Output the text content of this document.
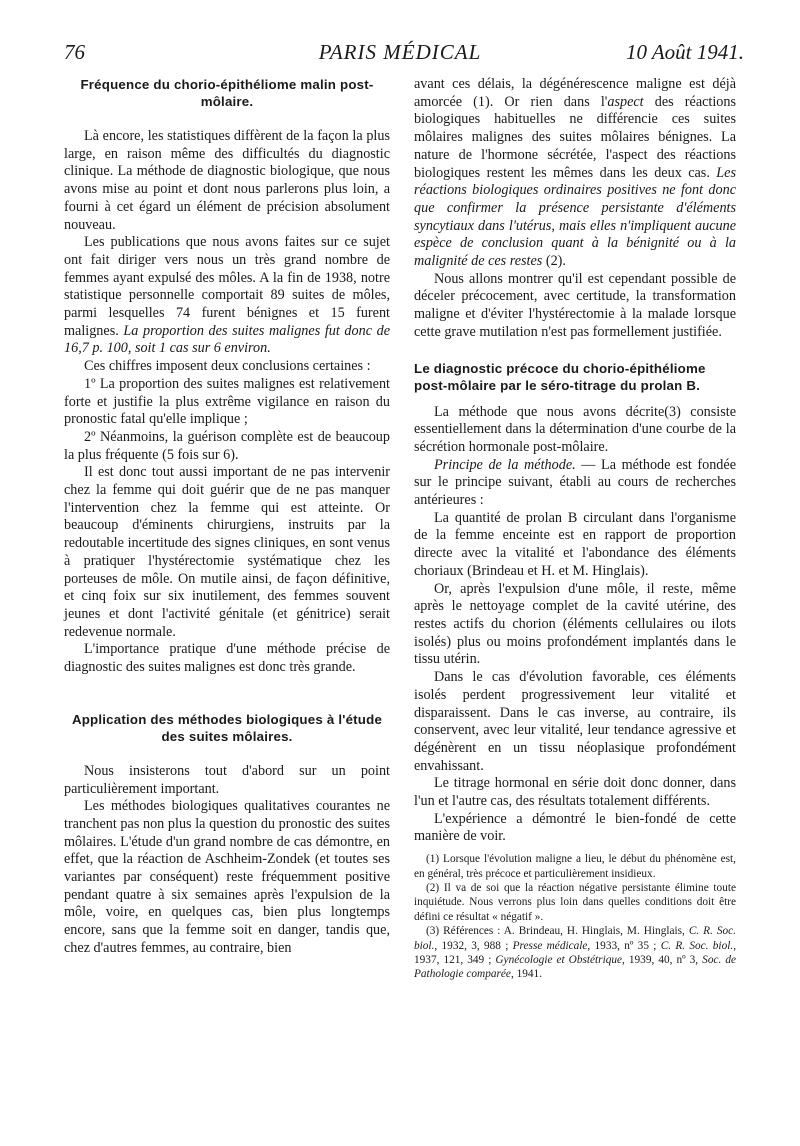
76	PARIS MÉDICAL	10 Août 1941.
Fréquence du chorio-épithéliome malin post-môlaire.

Là encore, les statistiques diffèrent de la façon la plus large, en raison même des difficultés du diagnostic clinique. La méthode de diagnostic biologique, que nous avons mise au point et dont nous parlerons plus loin, a fourni à cet égard un élément de précision absolument nouveau.

Les publications que nous avons faites sur ce sujet ont fait diriger vers nous un très grand nombre de femmes ayant expulsé des môles. A la fin de 1938, notre statistique personnelle comportait 89 suites de môles, parmi lesquelles 74 furent bénignes et 15 furent malignes. La proportion des suites malignes fut donc de 16,7 p. 100, soit 1 cas sur 6 environ.

Ces chiffres imposent deux conclusions certaines :

1º La proportion des suites malignes est relativement forte et justifie la plus extrême vigilance en raison du pronostic fatal qu'elle implique ;

2º Néanmoins, la guérison complète est de beaucoup la plus fréquente (5 fois sur 6).

Il est donc tout aussi important de ne pas intervenir chez la femme qui doit guérir que de ne pas manquer l'intervention chez la femme qui est atteinte. Or beaucoup d'éminents chirurgiens, instruits par la redoutable incertitude des signes cliniques, en sont venus à pratiquer l'hystérectomie systématique chez les porteuses de môle. On mutile ainsi, de façon définitive, et cinq foix sur six inutilement, des femmes souvent jeunes et dont l'activité génitale (et génitrice) serait redevenue normale.

L'importance pratique d'une méthode précise de diagnostic des suites malignes est donc très grande.

Application des méthodes biologiques à l'étude des suites môlaires.

Nous insisterons tout d'abord sur un point particulièrement important.

Les méthodes biologiques qualitatives courantes ne tranchent pas non plus la question du pronostic des suites môlaires. L'étude d'un grand nombre de cas démontre, en effet, que la réaction de Aschheim-Zondek (et toutes ses variantes par conséquent) reste fréquemment positive pendant quatre à six semaines après l'expulsion de la môle, voire, en quelques cas, bien plus longtemps encore, sans que la femme soit en danger, tandis que, chez d'autres femmes, au contraire, bien

avant ces délais, la dégénérescence maligne est déjà amorcée (1). Or rien dans l'aspect des réactions biologiques habituelles ne différencie ces suites môlaires malignes des suites môlaires bénignes. La nature de l'hormone sécrétée, l'aspect des réactions biologiques restent les mêmes dans les deux cas. Les réactions biologiques ordinaires positives ne font donc que confirmer la présence persistante d'éléments syncytiaux dans l'utérus, mais elles n'impliquent aucune espèce de conclusion quant à la bénignité ou à la malignité de ces restes (2).

Nous allons montrer qu'il est cependant possible de déceler précocement, avec certitude, la transformation maligne et d'éviter l'hystérectomie à la malade lorsque cette grave mutilation n'est pas formellement justifiée.

Le diagnostic précoce du chorio-épithéliome post-môlaire par le séro-titrage du prolan B.

La méthode que nous avons décrite(3) consiste essentiellement dans la détermination d'une courbe de la sécrétion hormonale post-môlaire.

Principe de la méthode. — La méthode est fondée sur le principe suivant, établi au cours de recherches antérieures :

La quantité de prolan B circulant dans l'organisme de la femme enceinte est en rapport de proportion directe avec la vitalité et l'abondance des éléments choriaux (Brindeau et H. et M. Hinglais).

Or, après l'expulsion d'une môle, il reste, même après le nettoyage complet de la cavité utérine, des restes actifs du chorion (éléments cellulaires ou ilots isolés) plus ou moins profondément implantés dans le tissu utérin.

Dans le cas d'évolution favorable, ces éléments isolés perdent progressivement leur vitalité et disparaissent. Dans le cas inverse, au contraire, ils conservent, avec leur vitalité, leur tendance agressive et dégénèrent en un tissu néoplasique profondément envahissant.

Le titrage hormonal en série doit donc donner, dans l'un et l'autre cas, des résultats totalement différents.

L'expérience a démontré le bien-fondé de cette manière de voir.

(1) Lorsque l'évolution maligne a lieu, le début du phénomène est, en général, très précoce et particulièrement insidieux.

(2) Il va de soi que la réaction négative persistante élimine toute inquiétude. Nous verrons plus loin dans quelles conditions doit être défini ce résultat « négatif ».

(3) Références : A. Brindeau, H. Hinglais, M. Hinglais, C. R. Soc. biol., 1932, 3, 988 ; Presse médicale, 1933, nº 35 ; C. R. Soc. biol., 1937, 121, 349 ; Gynécologie et Obstétrique, 1939, 40, nº 3, Soc. de Pathologie comparée, 1941.
